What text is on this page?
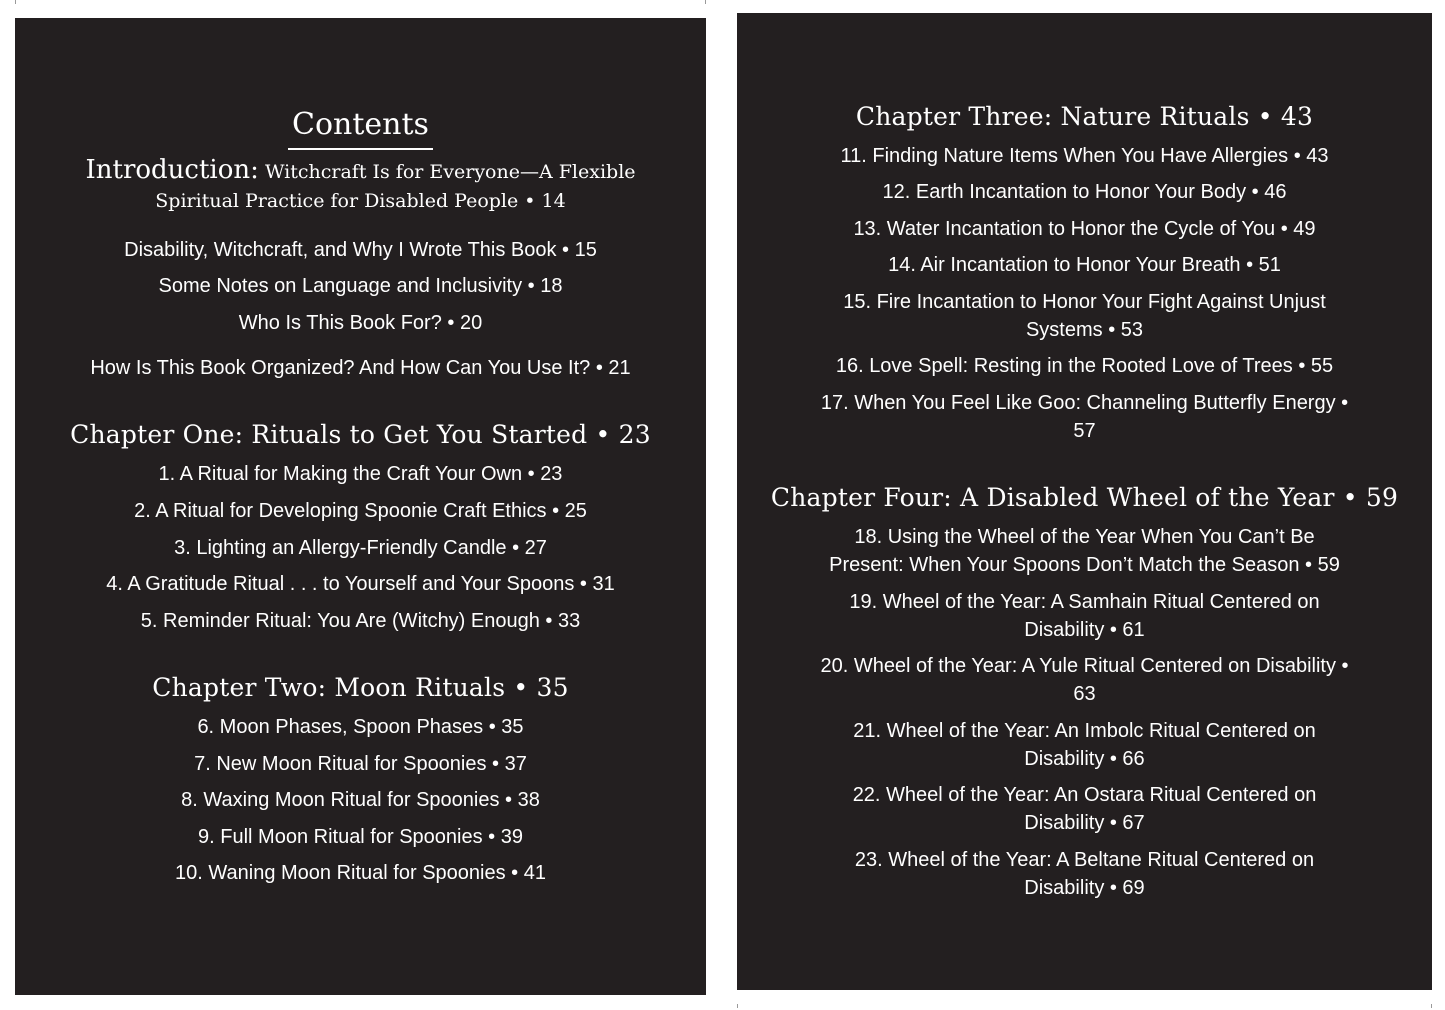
Contents
Introduction: Witchcraft Is for Everyone—A Flexible Spiritual Practice for Disabled People • 14
Disability, Witchcraft, and Why I Wrote This Book • 15
Some Notes on Language and Inclusivity • 18
Who Is This Book For? • 20
How Is This Book Organized? And How Can You Use It? • 21
Chapter One: Rituals to Get You Started • 23
1. A Ritual for Making the Craft Your Own • 23
2. A Ritual for Developing Spoonie Craft Ethics • 25
3. Lighting an Allergy-Friendly Candle • 27
4. A Gratitude Ritual . . . to Yourself and Your Spoons • 31
5. Reminder Ritual: You Are (Witchy) Enough • 33
Chapter Two: Moon Rituals • 35
6. Moon Phases, Spoon Phases • 35
7. New Moon Ritual for Spoonies • 37
8. Waxing Moon Ritual for Spoonies • 38
9. Full Moon Ritual for Spoonies • 39
10. Waning Moon Ritual for Spoonies • 41
Chapter Three: Nature Rituals • 43
11. Finding Nature Items When You Have Allergies • 43
12. Earth Incantation to Honor Your Body • 46
13. Water Incantation to Honor the Cycle of You • 49
14. Air Incantation to Honor Your Breath • 51
15. Fire Incantation to Honor Your Fight Against Unjust Systems • 53
16. Love Spell: Resting in the Rooted Love of Trees • 55
17. When You Feel Like Goo: Channeling Butterfly Energy • 57
Chapter Four: A Disabled Wheel of the Year • 59
18. Using the Wheel of the Year When You Can’t Be Present: When Your Spoons Don’t Match the Season • 59
19. Wheel of the Year: A Samhain Ritual Centered on Disability • 61
20. Wheel of the Year: A Yule Ritual Centered on Disability • 63
21. Wheel of the Year: An Imbolc Ritual Centered on Disability • 66
22. Wheel of the Year: An Ostara Ritual Centered on Disability • 67
23. Wheel of the Year: A Beltane Ritual Centered on Disability • 69
